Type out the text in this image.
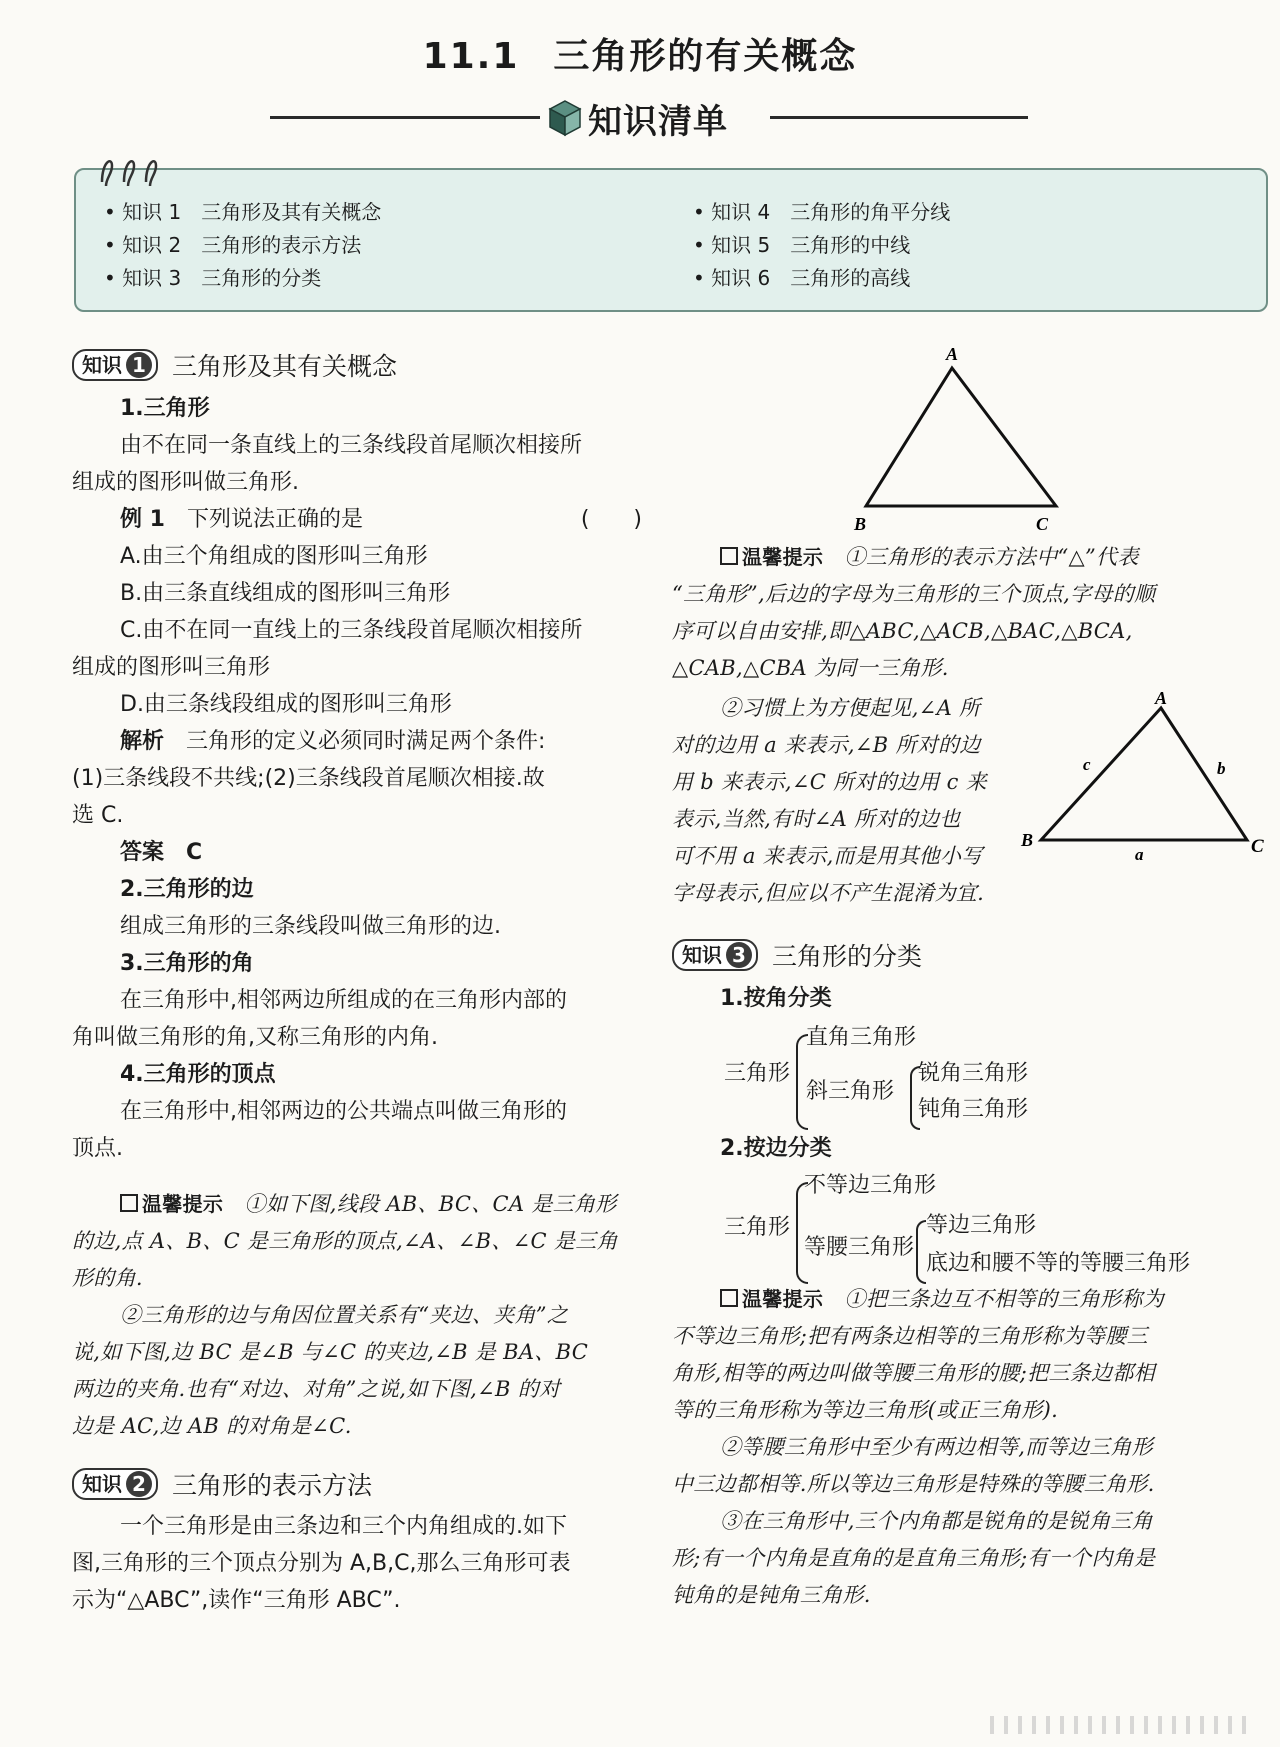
11.1 三角形的有关概念
知识清单
• 知识 1　三角形及其有关概念
• 知识 2　三角形的表示方法
• 知识 3　三角形的分类
• 知识 4　三角形的角平分线
• 知识 5　三角形的中线
• 知识 6　三角形的高线
知识 1	三角形及其有关概念
1.三角形
由不在同一条直线上的三条线段首尾顺次相接所
组成的图形叫做三角形.
例 1　 下列说法正确的是	(　　)
A.由三个角组成的图形叫三角形
B.由三条直线组成的图形叫三角形
C.由不在同一直线上的三条线段首尾顺次相接所
组成的图形叫三角形
D.由三条线段组成的图形叫三角形
解析　 三角形的定义必须同时满足两个条件:
(1)三条线段不共线;(2)三条线段首尾顺次相接.故
选 C.
答案　 C
2.三角形的边
组成三角形的三条线段叫做三角形的边.
3.三角形的角
在三角形中,相邻两边所组成的在三角形内部的
角叫做三角形的角,又称三角形的内角.
4.三角形的顶点
在三角形中,相邻两边的公共端点叫做三角形的
顶点.
温馨提示　 ①如下图,线段 AB、BC、CA 是三角形
的边,点 A、B、C 是三角形的顶点,∠A、∠B、∠C 是三角
形的角.
②三角形的边与角因位置关系有“夹边、夹角”之
说,如下图,边 BC 是∠B 与∠C 的夹边,∠B 是 BA、BC
两边的夹角.也有“对边、对角”之说,如下图,∠B 的对
边是 AC,边 AB 的对角是∠C.
知识 2	三角形的表示方法
一个三角形是由三条边和三个内角组成的.如下
图,三角形的三个顶点分别为 A,B,C,那么三角形可表
示为“△ABC”,读作“三角形 ABC”.
A
B	C
温馨提示　 ①三角形的表示方法中“△”代表
“三角形”,后边的字母为三角形的三个顶点,字母的顺
序可以自由安排,即△ABC,△ACB,△BAC,△BCA,
△CAB,△CBA 为同一三角形.
②习惯上为方便起见,∠A 所
对的边用 a 来表示,∠B 所对的边
用 b 来表示,∠C 所对的边用 c 来
表示,当然,有时∠A 所对的边也
可不用 a 来表示,而是用其他小写
字母表示,但应以不产生混淆为宜.
A
B	C
a
b
c
知识 3	三角形的分类
1.按角分类
三角形
直角三角形
斜三角形
锐角三角形
钝角三角形
2.按边分类
三角形
不等边三角形
等腰三角形
等边三角形
底边和腰不等的等腰三角形
温馨提示　 ①把三条边互不相等的三角形称为
不等边三角形;把有两条边相等的三角形称为等腰三
角形,相等的两边叫做等腰三角形的腰;把三条边都相
等的三角形称为等边三角形(或正三角形).
②等腰三角形中至少有两边相等,而等边三角形
中三边都相等.所以等边三角形是特殊的等腰三角形.
③在三角形中,三个内角都是锐角的是锐角三角
形;有一个内角是直角的是直角三角形;有一个内角是
钝角的是钝角三角形.
